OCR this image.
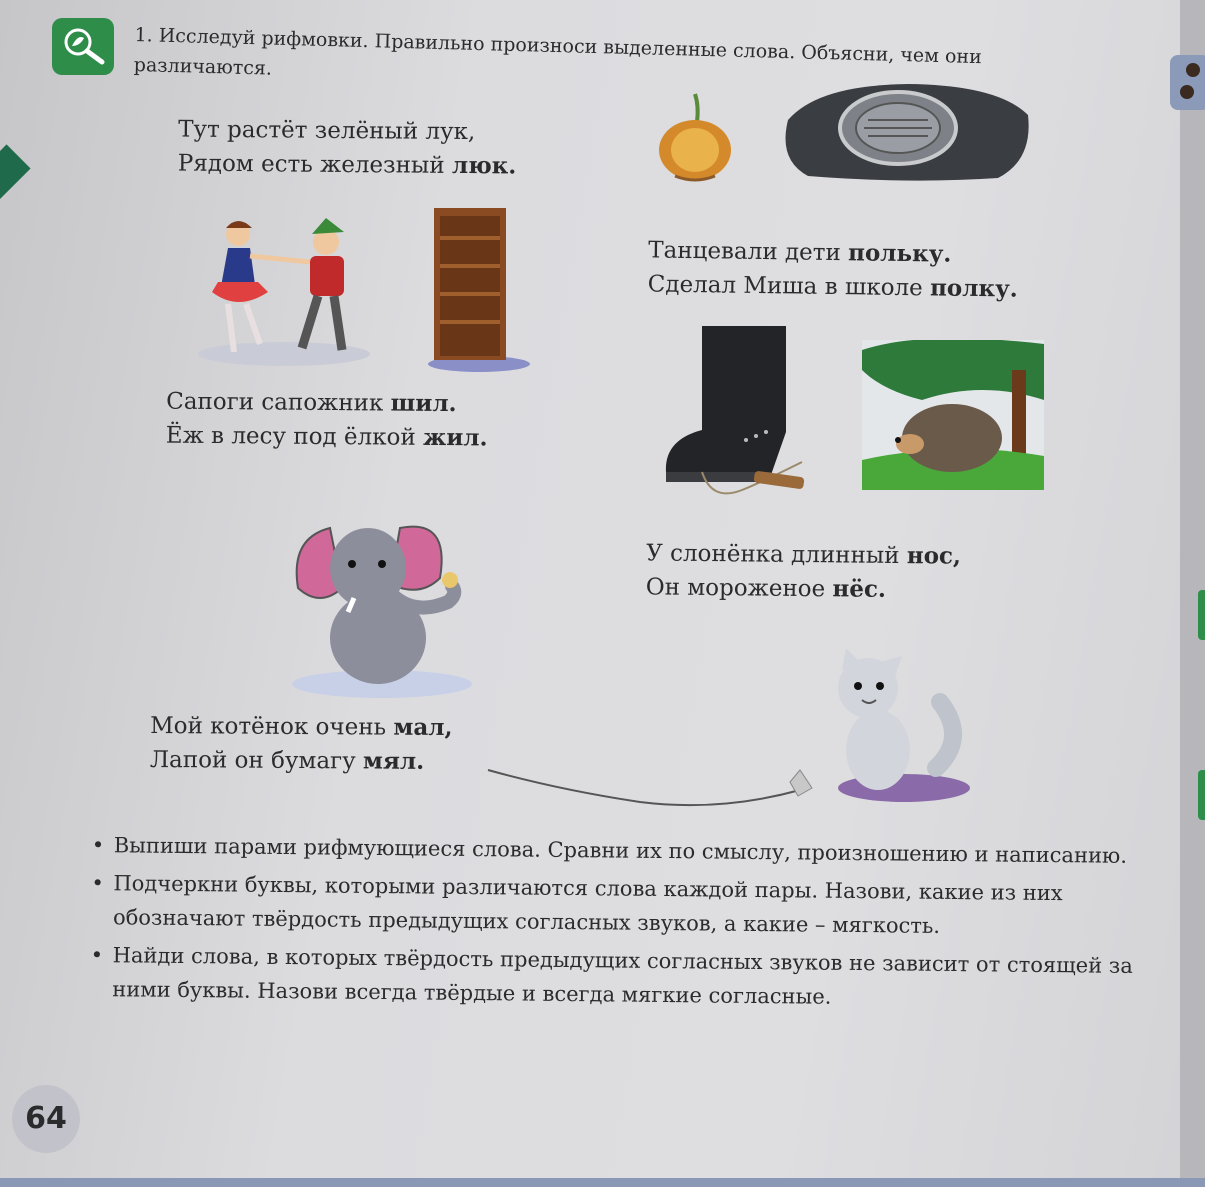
1. Исследуй рифмовки. Правильно произноси выделенные слова. Объясни, чем они различаются.
Тут растёт зелёный лук,
Рядом есть железный люк.
Танцевали дети польку.
Сделал Миша в школе полку.
Сапоги сапожник шил.
Ёж в лесу под ёлкой жил.
У слонёнка длинный нос,
Он мороженое нёс.
Мой котёнок очень мал,
Лапой он бумагу мял.
• Выпиши парами рифмующиеся слова. Сравни их по смыслу, произношению и написанию.
• Подчеркни буквы, которыми различаются слова каждой пары. Назови, какие из них обозначают твёрдость предыдущих согласных звуков, а какие – мягкость.
• Найди слова, в которых твёрдость предыдущих согласных звуков не зависит от стоящей за ними буквы. Назови всегда твёрдые и всегда мягкие согласные.
64
